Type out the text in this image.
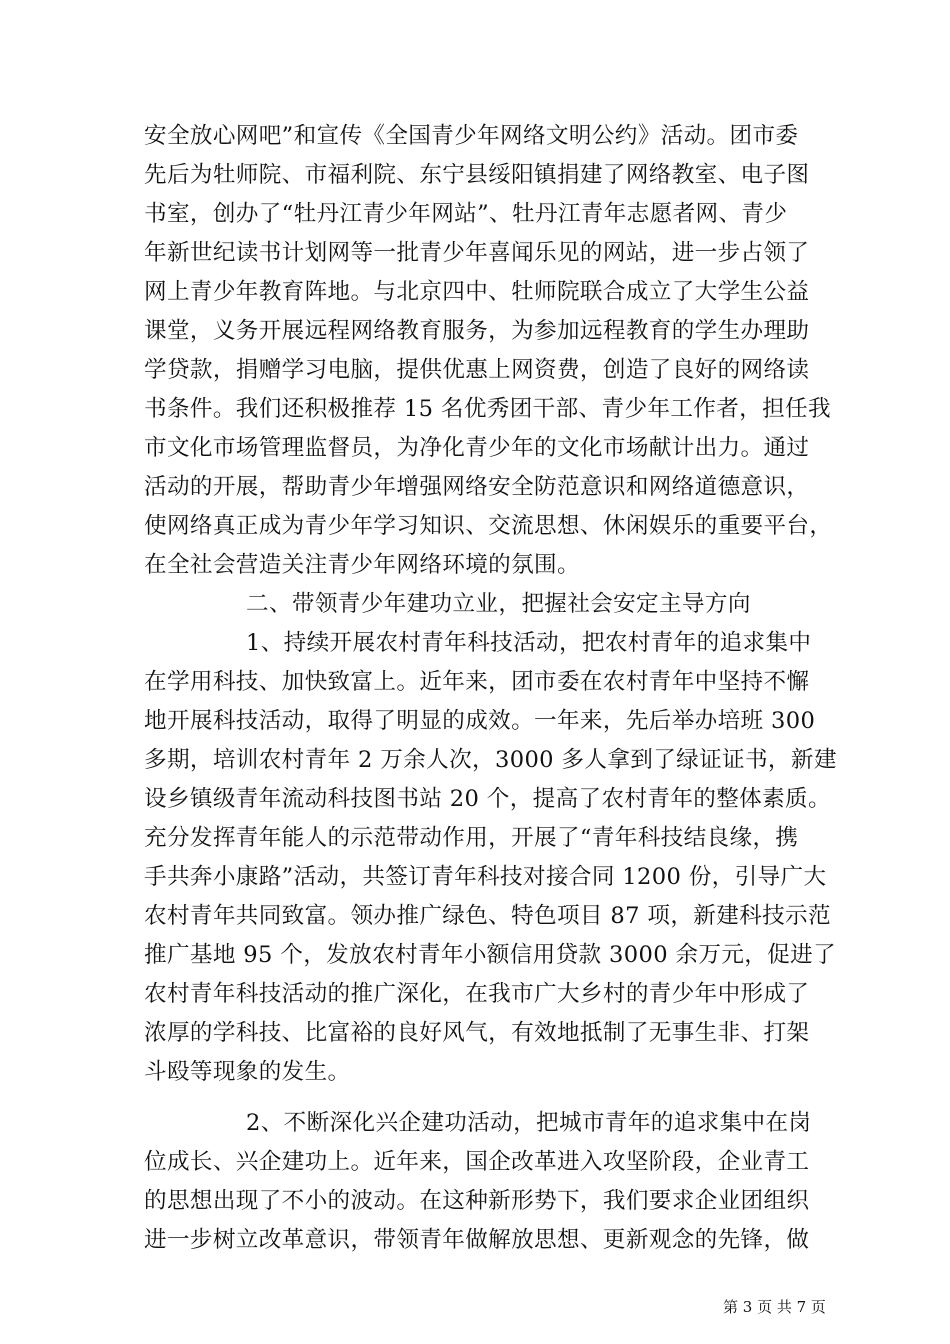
安全放心网吧”和宣传《全国青少年网络文明公约》活动。团市委
先后为牡师院、市福利院、东宁县绥阳镇捐建了网络教室、电子图
书室，创办了“牡丹江青少年网站”、牡丹江青年志愿者网、青少
年新世纪读书计划网等一批青少年喜闻乐见的网站，进一步占领了
网上青少年教育阵地。与北京四中、牡师院联合成立了大学生公益
课堂，义务开展远程网络教育服务，为参加远程教育的学生办理助
学贷款，捐赠学习电脑，提供优惠上网资费，创造了良好的网络读
书条件。我们还积极推荐 15 名优秀团干部、青少年工作者，担任我
市文化市场管理监督员，为净化青少年的文化市场献计出力。通过
活动的开展，帮助青少年增强网络安全防范意识和网络道德意识，
使网络真正成为青少年学习知识、交流思想、休闲娱乐的重要平台，
在全社会营造关注青少年网络环境的氛围。
二、带领青少年建功立业，把握社会安定主导方向
1、持续开展农村青年科技活动，把农村青年的追求集中
在学用科技、加快致富上。近年来，团市委在农村青年中坚持不懈
地开展科技活动，取得了明显的成效。一年来，先后举办培班 300
多期，培训农村青年 2 万余人次，3000 多人拿到了绿证证书，新建
设乡镇级青年流动科技图书站 20 个，提高了农村青年的整体素质。
充分发挥青年能人的示范带动作用，开展了“青年科技结良缘，携
手共奔小康路”活动，共签订青年科技对接合同 1200 份，引导广大
农村青年共同致富。领办推广绿色、特色项目 87 项，新建科技示范
推广基地 95 个，发放农村青年小额信用贷款 3000 余万元，促进了
农村青年科技活动的推广深化，在我市广大乡村的青少年中形成了
浓厚的学科技、比富裕的良好风气，有效地抵制了无事生非、打架
斗殴等现象的发生。
2、不断深化兴企建功活动，把城市青年的追求集中在岗
位成长、兴企建功上。近年来，国企改革进入攻坚阶段，企业青工
的思想出现了不小的波动。在这种新形势下，我们要求企业团组织
进一步树立改革意识，带领青年做解放思想、更新观念的先锋，做
第 3 页 共 7 页
